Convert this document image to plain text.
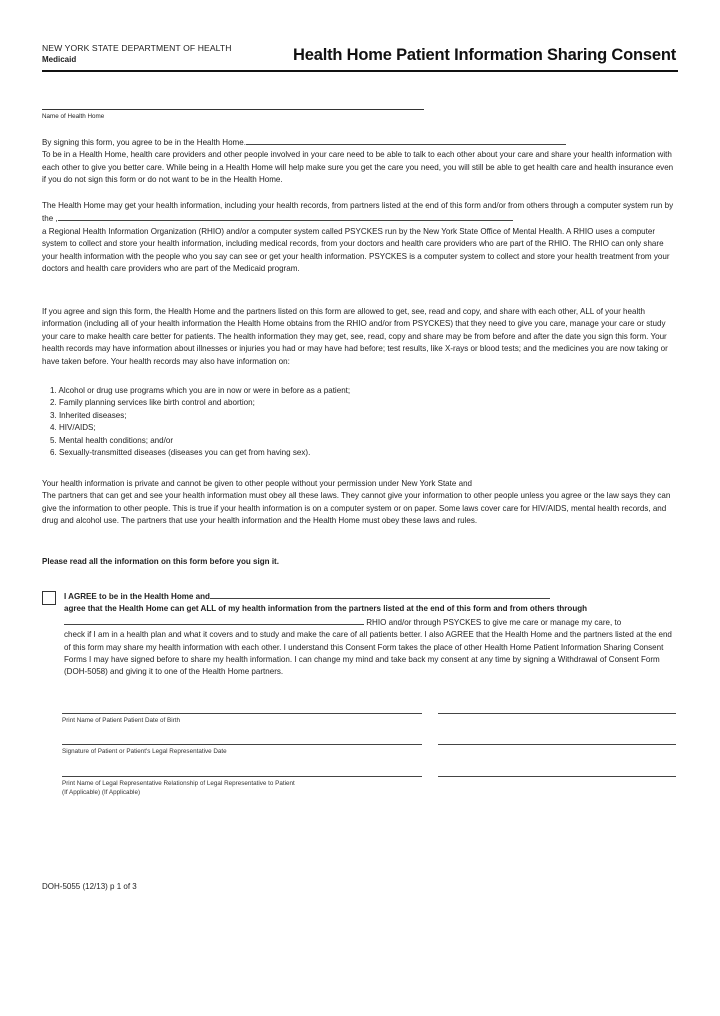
NEW YORK STATE DEPARTMENT OF HEALTH
Medicaid	Health Home Patient Information Sharing Consent
Name of Health Home
By signing this form, you agree to be in the Health Home.
To be in a Health Home, health care providers and other people involved in your care need to be able to talk to each other about your care and share your health information with each other to give you better care. While being in a Health Home will help make sure you get the care you need, you will still be able to get health care and health insurance even if you do not sign this form or do not want to be in the Health Home.
The Health Home may get your health information, including your health records, from partners listed at the end of this form and/or from others through a computer system run by the ,
a Regional Health Information Organization (RHIO) and/or a computer system called PSYCKES run by the New York State Office of Mental Health. A RHIO uses a computer system to collect and store your health information, including medical records, from your doctors and health care providers who are part of the RHIO. The RHIO can only share your health information with the people who you say can see or get your health information. PSYCKES is a computer system to collect and store your health treatment from your doctors and health care providers who are part of the Medicaid program.
If you agree and sign this form, the Health Home and the partners listed on this form are allowed to get, see, read and copy, and share with each other, ALL of your health information (including all of your health information the Health Home obtains from the RHIO and/or from PSYCKES) that they need to give you care, manage your care or study your care to make health care better for patients. The health information they may get, see, read, copy and share may be from before and after the date you sign this form. Your health records may have information about illnesses or injuries you had or may have had before; test results, like X-rays or blood tests; and the medicines you are now taking or have taken before. Your health records may also have information on:
1. Alcohol or drug use programs which you are in now or were in before as a patient;
2. Family planning services like birth control and abortion;
3. Inherited diseases;
4. HIV/AIDS;
5. Mental health conditions; and/or
6. Sexually-transmitted diseases (diseases you can get from having sex).
Your health information is private and cannot be given to other people without your permission under New York State and
The partners that can get and see your health information must obey all these laws. They cannot give your information to other people unless you agree or the law says they can give the information to other people. This is true if your health information is on a computer system or on paper. Some laws cover care for HIV/AIDS, mental health records, and drug and alcohol use. The partners that use your health information and the Health Home must obey these laws and rules.
Please read all the information on this form before you sign it.
I AGREE to be in the Health Home and
agree that the Health Home can get ALL of my health information from the partners listed at the end of this form and from others through
RHIO and/or through PSYCKES to give me care or manage my care, to
check if I am in a health plan and what it covers and to study and make the care of all patients better. I also AGREE that the Health Home and the partners listed at the end of this form may share my health information with each other. I understand this Consent Form takes the place of other Health Home Patient Information Sharing Consent Forms I may have signed before to share my health information. I can change my mind and take back my consent at any time by signing a Withdrawal of Consent Form (DOH-5058) and giving it to one of the Health Home partners.
Print Name of Patient Patient Date of Birth
Signature of Patient or Patient's Legal Representative Date
Print Name of Legal Representative Relationship of Legal Representative to Patient
(If Applicable) (If Applicable)
DOH-5055 (12/13) p 1 of 3
